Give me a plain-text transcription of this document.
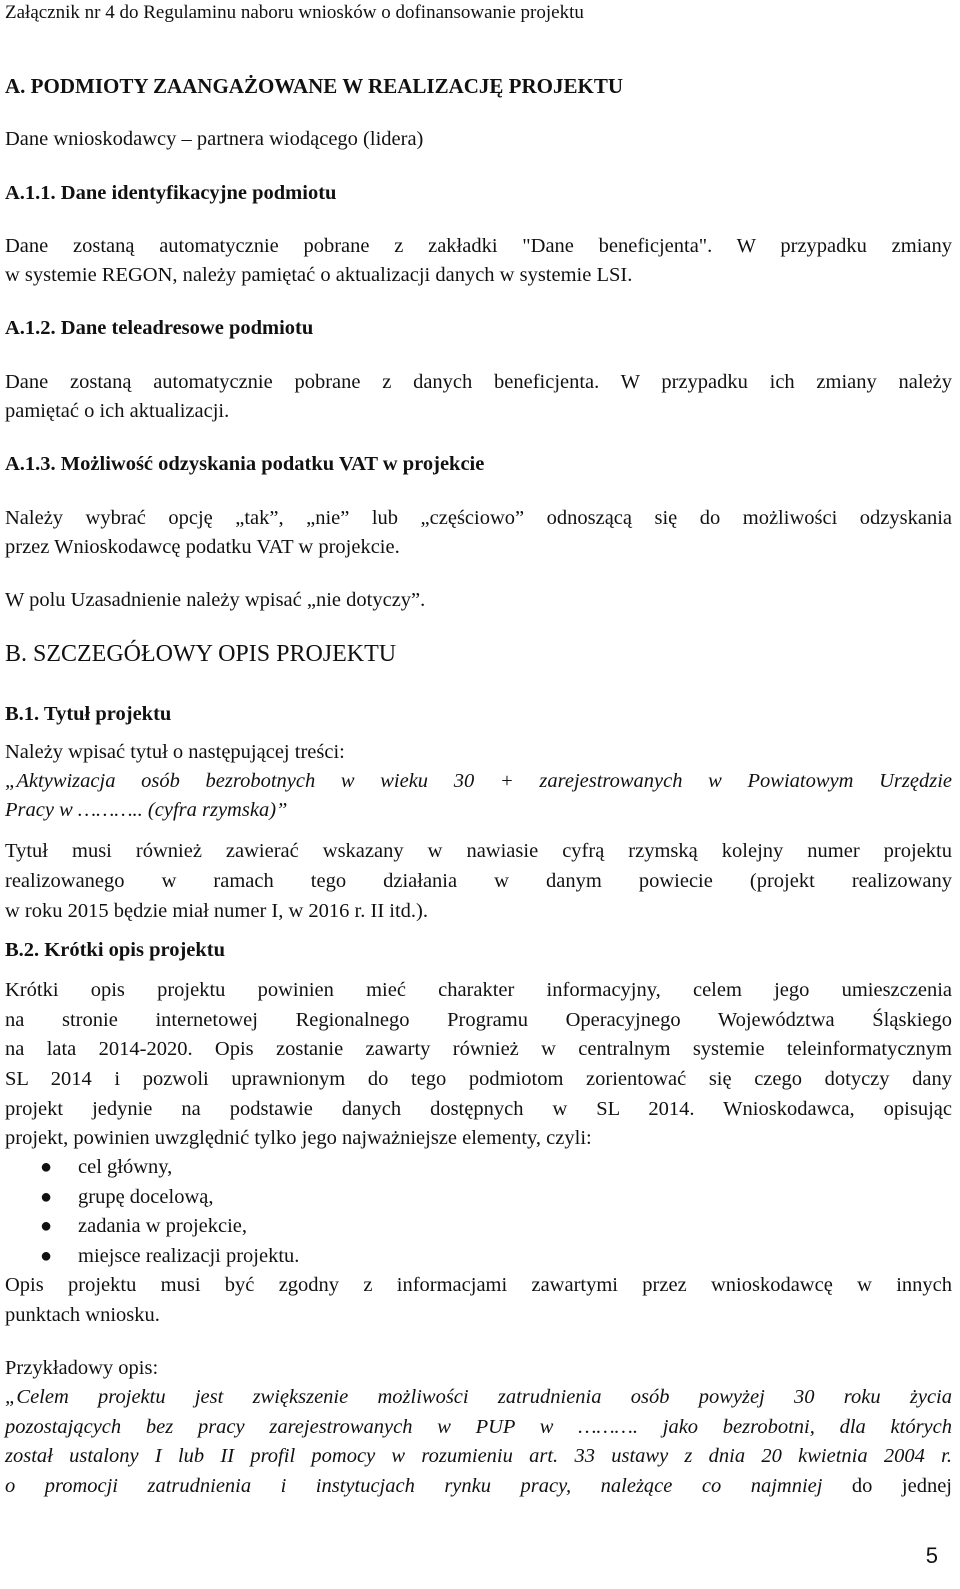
Załącznik nr 4 do Regulaminu naboru wniosków o dofinansowanie projektu
A. PODMIOTY ZAANGAŻOWANE W REALIZACJĘ PROJEKTU
Dane wnioskodawcy – partnera wiodącego (lidera)
A.1.1. Dane identyfikacyjne podmiotu
Dane zostaną automatycznie pobrane z zakładki "Dane beneficjenta". W przypadku zmiany
w systemie REGON, należy pamiętać o aktualizacji danych w systemie LSI.
A.1.2. Dane teleadresowe podmiotu
Dane zostaną automatycznie pobrane z danych beneficjenta. W przypadku ich zmiany należy
pamiętać o ich aktualizacji.
A.1.3. Możliwość odzyskania podatku VAT w projekcie
Należy wybrać opcję „tak”, „nie” lub „częściowo” odnoszącą się do możliwości odzyskania
przez Wnioskodawcę podatku VAT w projekcie.
W polu Uzasadnienie należy wpisać „nie dotyczy”.
B. SZCZEGÓŁOWY OPIS PROJEKTU
B.1. Tytuł projektu
Należy wpisać tytuł o następującej treści:
„Aktywizacja osób bezrobotnych w wieku 30 + zarejestrowanych w Powiatowym Urzędzie
Pracy w ……….. (cyfra rzymska)”
Tytuł musi również zawierać wskazany w nawiasie cyfrą rzymską kolejny numer projektu
realizowanego w ramach tego działania w danym powiecie (projekt realizowany
w roku 2015 będzie miał numer I, w 2016 r. II itd.).
B.2. Krótki opis projektu
Krótki opis projektu powinien mieć charakter informacyjny, celem jego umieszczenia
na stronie internetowej Regionalnego Programu Operacyjnego Województwa Śląskiego
na lata 2014-2020. Opis zostanie zawarty również w centralnym systemie teleinformatycznym
SL 2014 i pozwoli uprawnionym do tego podmiotom zorientować się czego dotyczy dany
projekt jedynie na podstawie danych dostępnych w SL 2014. Wnioskodawca, opisując
projekt, powinien uwzględnić tylko jego najważniejsze elementy, czyli:
● cel główny,
● grupę docelową,
● zadania w projekcie,
● miejsce realizacji projektu.
Opis projektu musi być zgodny z informacjami zawartymi przez wnioskodawcę w innych
punktach wniosku.
Przykładowy opis:
„Celem projektu jest zwiększenie możliwości zatrudnienia osób powyżej 30 roku życia
pozostających bez pracy zarejestrowanych w PUP w ………. jako bezrobotni, dla których
został ustalony I lub II profil pomocy w rozumieniu art. 33 ustawy z dnia 20 kwietnia 2004 r.
o promocji zatrudnienia i instytucjach rynku pracy, należące co najmniej do jednej
5
